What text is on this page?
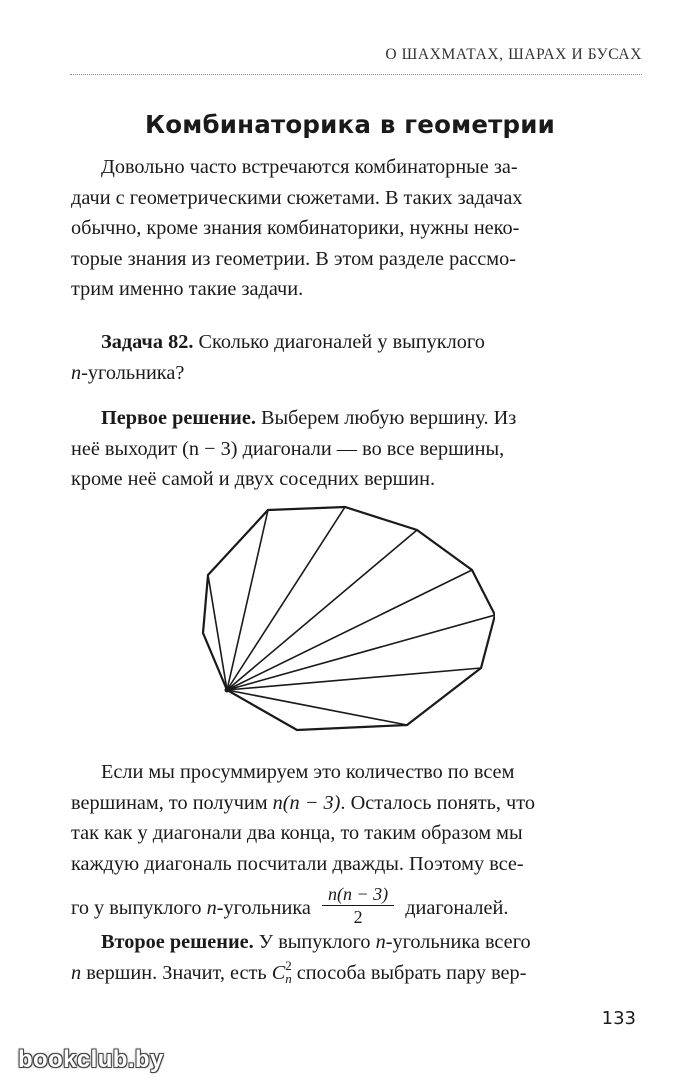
О ШАХМАТАХ, ШАРАХ И БУСАХ
Комбинаторика в геометрии
Довольно часто встречаются комбинаторные за-
дачи с геометрическими сюжетами. В таких задачах
обычно, кроме знания комбинаторики, нужны неко-
торые знания из геометрии. В этом разделе рассмо-
трим именно такие задачи.
Задача 82. Сколько диагоналей у выпуклого
n-угольника?
Первое решение. Выберем любую вершину. Из
неё выходит (n − 3) диагонали — во все вершины,
кроме неё самой и двух соседних вершин.
Если мы просуммируем это количество по всем
вершинам, то получим n(n − 3). Осталось понять, что
так как у диагонали два конца, то таким образом мы
каждую диагональ посчитали дважды. Поэтому все-
го у выпуклого n-угольника $\frac{n(n - 3)}{2}$ диагоналей.
Второе решение. У выпуклого n-угольника всего
n вершин. Значит, есть C 2
n способа выбрать пару вер-
133
bookclub.by
